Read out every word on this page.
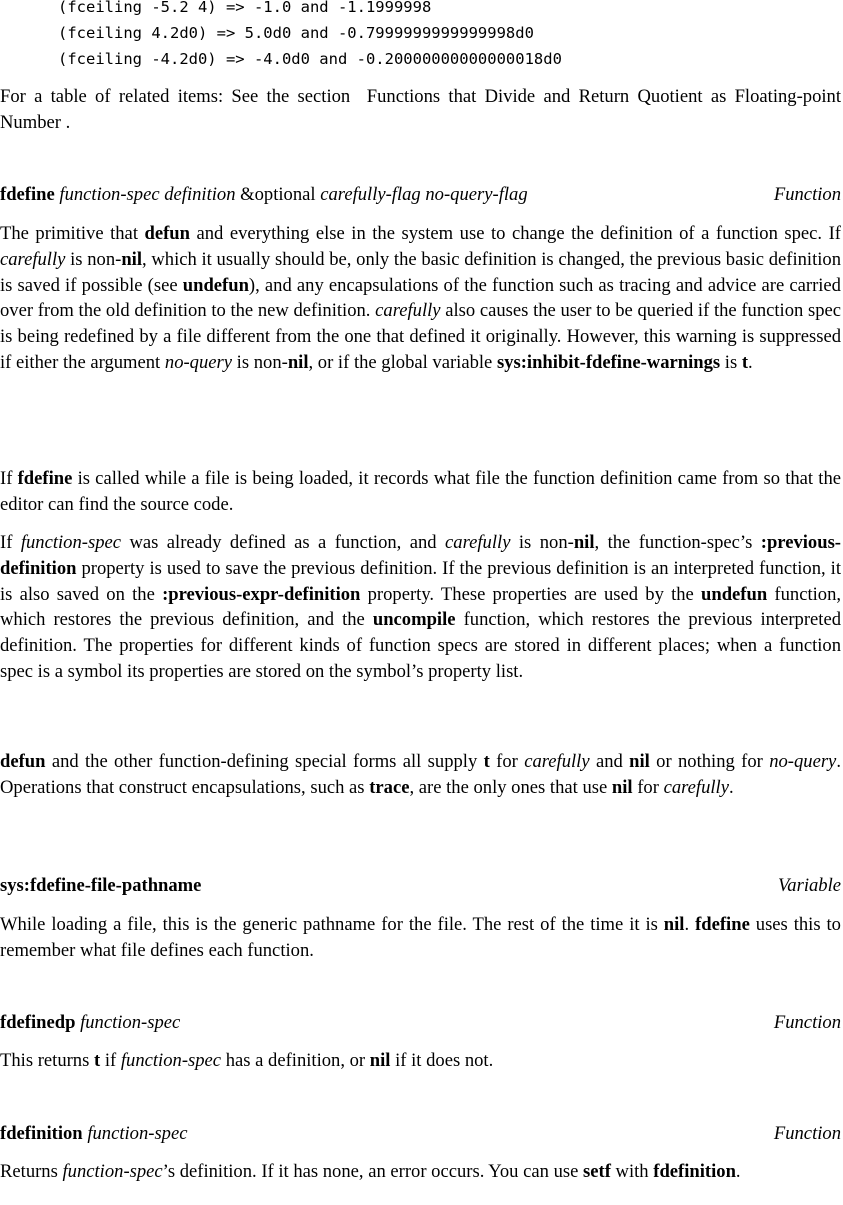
(fceiling -5.2 4) => -1.0 and -1.1999998
(fceiling 4.2d0) => 5.0d0 and -0.7999999999999998d0
(fceiling -4.2d0) => -4.0d0 and -0.20000000000000018d0
For a table of related items: See the section Functions that Divide and Return Quotient as Floating-point Number .
fdefine function-spec definition &optional carefully-flag no-query-flag	Function
The primitive that defun and everything else in the system use to change the definition of a function spec. If carefully is non-nil, which it usually should be, only the basic definition is changed, the previous basic definition is saved if possible (see undefun), and any encapsulations of the function such as tracing and advice are carried over from the old definition to the new definition. carefully also causes the user to be queried if the function spec is being redefined by a file different from the one that defined it originally. However, this warning is suppressed if either the argument no-query is non-nil, or if the global variable sys:inhibit-fdefine-warnings is t.
If fdefine is called while a file is being loaded, it records what file the function definition came from so that the editor can find the source code.
If function-spec was already defined as a function, and carefully is non-nil, the function-spec’s :previous-definition property is used to save the previous definition. If the previous definition is an interpreted function, it is also saved on the :previous-expr-definition property. These properties are used by the undefun function, which restores the previous definition, and the uncompile function, which restores the previous interpreted definition. The properties for different kinds of function specs are stored in different places; when a function spec is a symbol its properties are stored on the symbol’s property list.
defun and the other function-defining special forms all supply t for carefully and nil or nothing for no-query. Operations that construct encapsulations, such as trace, are the only ones that use nil for carefully.
sys:fdefine-file-pathname	Variable
While loading a file, this is the generic pathname for the file. The rest of the time it is nil. fdefine uses this to remember what file defines each function.
fdefinedp function-spec	Function
This returns t if function-spec has a definition, or nil if it does not.
fdefinition function-spec	Function
Returns function-spec’s definition. If it has none, an error occurs. You can use setf with fdefinition.
